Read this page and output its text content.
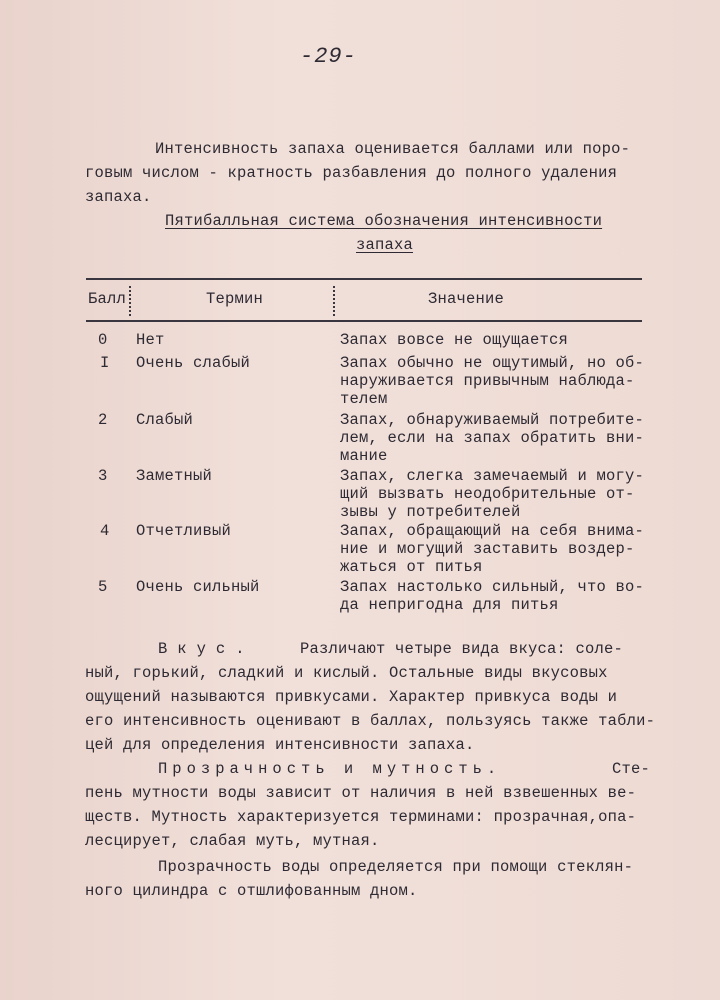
-29-
Интенсивность запаха оценивается баллами или поро-
говым числом - кратность разбавления до полного удаления
запаха.
Пятибалльная система обозначения интенсивности
запаха
Балл	Термин	Значение
0 Нет	Запах вовсе не ощущается
I Очень слабый	Запах обычно не ощутимый, но об-
наруживается привычным наблюда-
телем
2 Слабый	Запах, обнаруживаемый потребите-
лем, если на запах обратить вни-
мание
3 Заметный	Запах, слегка замечаемый и могу-
щий вызвать неодобрительные от-
зывы у потребителей
4 Отчетливый	Запах, обращающий на себя внима-
ние и могущий заставить воздер-
жаться от питья
5 Очень сильный	Запах настолько сильный, что во-
да непригодна для питья
Вкус.	Различают четыре вида вкуса: соле-
ный, горький, сладкий и кислый. Остальные виды вкусовых
ощущений называются привкусами. Характер привкуса воды и
его интенсивность оценивают в баллах, пользуясь также табли-
цей для определения интенсивности запаха.
Прозрачность и мутность.	Сте-
пень мутности воды зависит от наличия в ней взвешенных ве-
ществ. Мутность характеризуется терминами: прозрачная,опа-
лесцирует, слабая муть, мутная.
Прозрачность воды определяется при помощи стеклян-
ного цилиндра с отшлифованным дном.
